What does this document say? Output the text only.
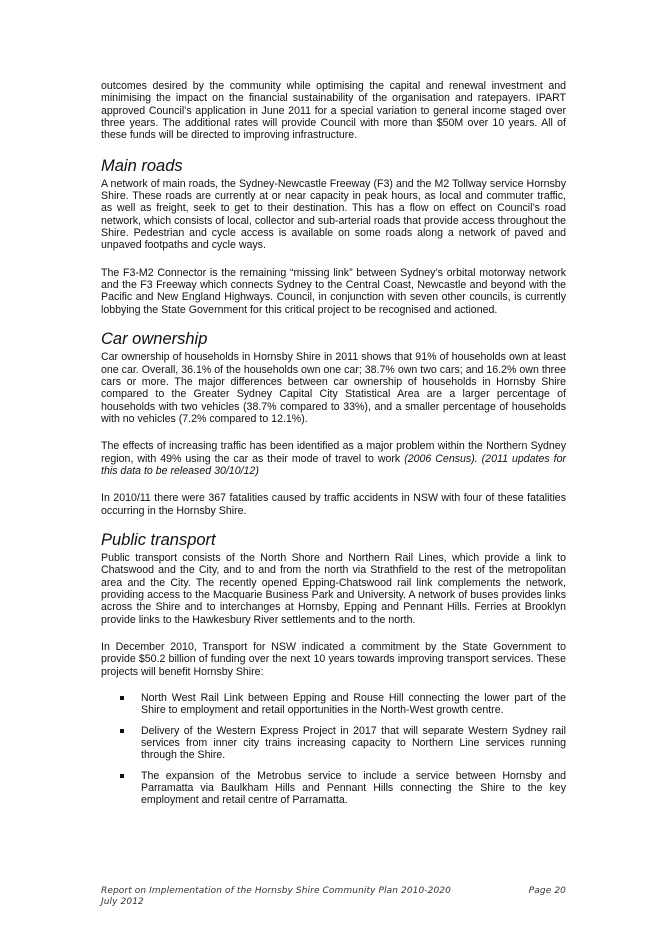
outcomes desired by the community while optimising the capital and renewal investment and minimising the impact on the financial sustainability of the organisation and ratepayers. IPART approved Council’s application in June 2011 for a special variation to general income staged over three years. The additional rates will provide Council with more than $50M over 10 years. All of these funds will be directed to improving infrastructure.

Main roads

A network of main roads, the Sydney-Newcastle Freeway (F3) and the M2 Tollway service Hornsby Shire. These roads are currently at or near capacity in peak hours, as local and commuter traffic, as well as freight, seek to get to their destination. This has a flow on effect on Council’s road network, which consists of local, collector and sub-arterial roads that provide access throughout the Shire. Pedestrian and cycle access is available on some roads along a network of paved and unpaved footpaths and cycle ways.

The F3-M2 Connector is the remaining “missing link” between Sydney’s orbital motorway network and the F3 Freeway which connects Sydney to the Central Coast, Newcastle and beyond with the Pacific and New England Highways. Council, in conjunction with seven other councils, is currently lobbying the State Government for this critical project to be recognised and actioned.

Car ownership

Car ownership of households in Hornsby Shire in 2011 shows that 91% of households own at least one car. Overall, 36.1% of the households own one car; 38.7% own two cars; and 16.2% own three cars or more. The major differences between car ownership of households in Hornsby Shire compared to the Greater Sydney Capital City Statistical Area are a larger percentage of households with two vehicles (38.7% compared to 33%), and a smaller percentage of households with no vehicles (7.2% compared to 12.1%).

The effects of increasing traffic has been identified as a major problem within the Northern Sydney region, with 49% using the car as their mode of travel to work (2006 Census). (2011 updates for this data to be released 30/10/12)

In 2010/11 there were 367 fatalities caused by traffic accidents in NSW with four of these fatalities occurring in the Hornsby Shire.

Public transport

Public transport consists of the North Shore and Northern Rail Lines, which provide a link to Chatswood and the City, and to and from the north via Strathfield to the rest of the metropolitan area and the City. The recently opened Epping-Chatswood rail link complements the network, providing access to the Macquarie Business Park and University. A network of buses provides links across the Shire and to interchanges at Hornsby, Epping and Pennant Hills. Ferries at Brooklyn provide links to the Hawkesbury River settlements and to the north.

In December 2010, Transport for NSW indicated a commitment by the State Government to provide $50.2 billion of funding over the next 10 years towards improving transport services. These projects will benefit Hornsby Shire:

North West Rail Link between Epping and Rouse Hill connecting the lower part of the Shire to employment and retail opportunities in the North-West growth centre.
Delivery of the Western Express Project in 2017 that will separate Western Sydney rail services from inner city trains increasing capacity to Northern Line services running through the Shire.
The expansion of the Metrobus service to include a service between Hornsby and Parramatta via Baulkham Hills and Pennant Hills connecting the Shire to the key employment and retail centre of Parramatta.
Report on Implementation of the Hornsby Shire Community Plan 2010-2020	Page 20
July 2012
